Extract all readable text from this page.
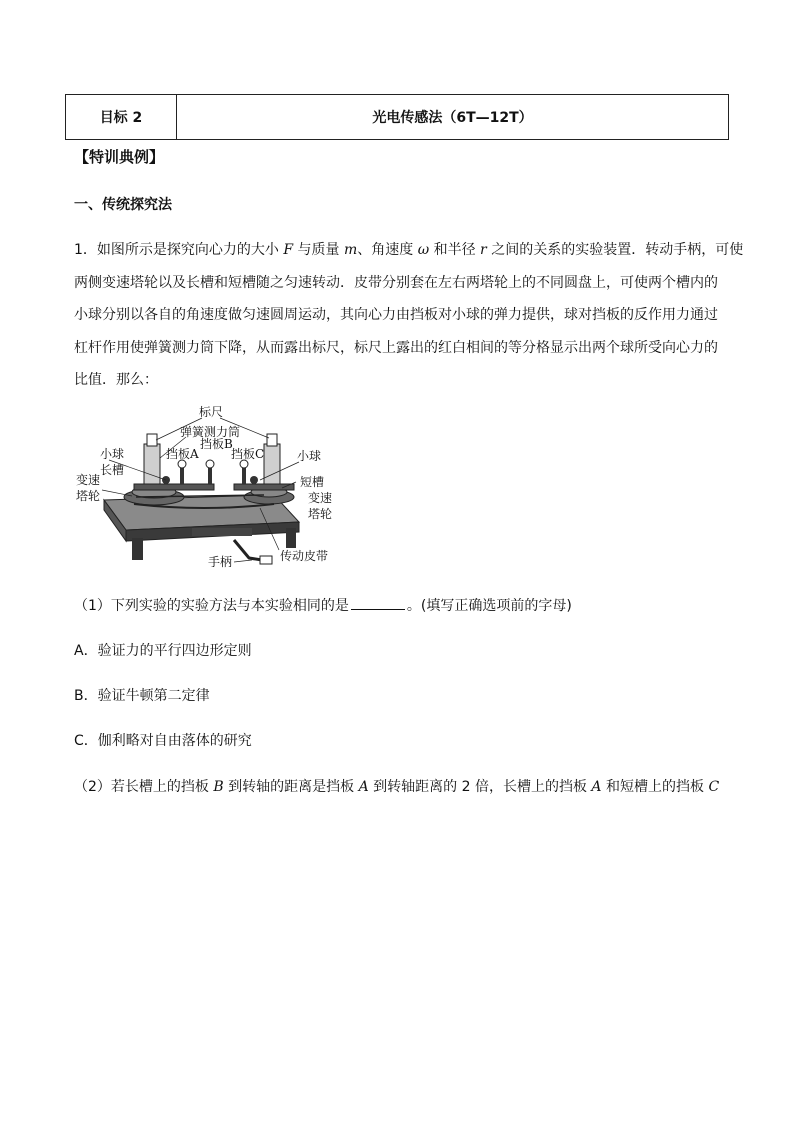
目标 2	光电传感法（6T—12T）
【特训典例】
一、传统探究法
1．如图所示是探究向心力的大小 F 与质量 m、角速度 ω 和半径 r 之间的关系的实验装置．转动手柄，可使
两侧变速塔轮以及长槽和短槽随之匀速转动．皮带分别套在左右两塔轮上的不同圆盘上，可使两个槽内的
小球分别以各自的角速度做匀速圆周运动，其向心力由挡板对小球的弹力提供，球对挡板的反作用力通过
杠杆作用使弹簧测力筒下降，从而露出标尺，标尺上露出的红白相间的等分格显示出两个球所受向心力的
比值．那么：
标尺
弹簧测力筒
挡板B
挡板A	挡板C
小球
长槽
小球
短槽
变速
塔轮	变速
塔轮
传动皮带
手柄
（1）下列实验的实验方法与本实验相同的是	。(填写正确选项前的字母)
A．验证力的平行四边形定则
B．验证牛顿第二定律
C．伽利略对自由落体的研究
（2）若长槽上的挡板 B 到转轴的距离是挡板 A 到转轴距离的 2 倍，长槽上的挡板 A 和短槽上的挡板 C
